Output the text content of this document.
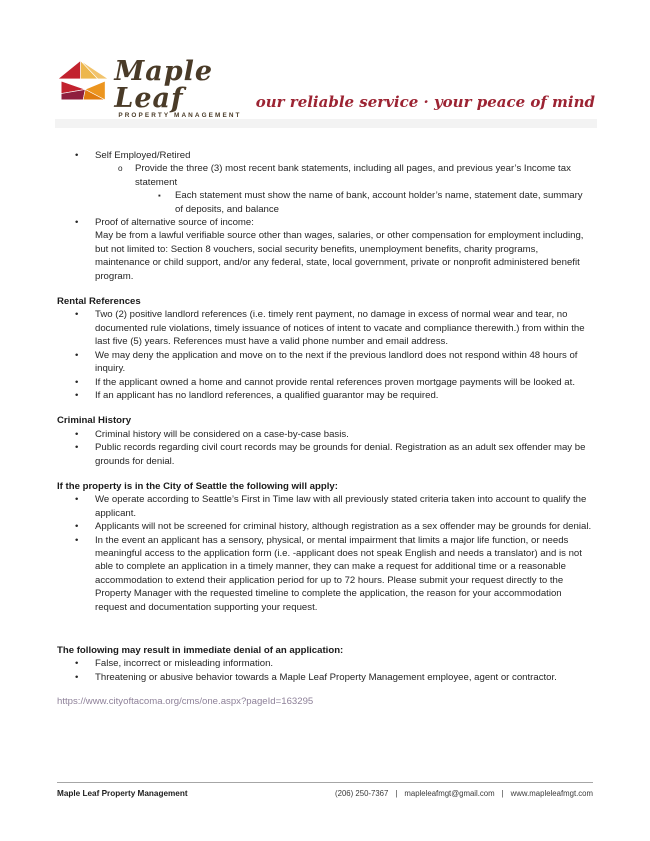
Maple Leaf
PROPERTY MANAGEMENT
our reliable service · your peace of mind
•	Self Employed/Retired
o	Provide the three (3) most recent bank statements, including all pages, and previous year’s Income tax statement
▪	Each statement must show the name of bank, account holder’s name, statement date, summary of deposits, and balance
•	Proof of alternative source of income:
May be from a lawful verifiable source other than wages, salaries, or other compensation for employment including, but not limited to: Section 8 vouchers, social security benefits, unemployment benefits, charity programs, maintenance or child support, and/or any federal, state, local government, private or nonprofit administered benefit program.
Rental References
•	Two (2) positive landlord references (i.e. timely rent payment, no damage in excess of normal wear and tear, no documented rule violations, timely issuance of notices of intent to vacate and compliance therewith.) from within the last five (5) years. References must have a valid phone number and email address.
•	We may deny the application and move on to the next if the previous landlord does not respond within 48 hours of inquiry.
•	If the applicant owned a home and cannot provide rental references proven mortgage payments will be looked at.
•	If an applicant has no landlord references, a qualified guarantor may be required.
Criminal History
•	Criminal history will be considered on a case-by-case basis.
•	Public records regarding civil court records may be grounds for denial. Registration as an adult sex offender may be grounds for denial.
If the property is in the City of Seattle the following will apply:
•	We operate according to Seattle’s First in Time law with all previously stated criteria taken into account to qualify the applicant.
•	Applicants will not be screened for criminal history, although registration as a sex offender may be grounds for denial.
•	In the event an applicant has a sensory, physical, or mental impairment that limits a major life function, or needs meaningful access to the application form (i.e. -applicant does not speak English and needs a translator) and is not able to complete an application in a timely manner, they can make a request for additional time or a reasonable accommodation to extend their application period for up to 72 hours. Please submit your request directly to the Property Manager with the requested timeline to complete the application, the reason for your accommodation request and documentation supporting your request.
The following may result in immediate denial of an application:
•	False, incorrect or misleading information.
•	Threatening or abusive behavior towards a Maple Leaf Property Management employee, agent or contractor.
https://www.cityoftacoma.org/cms/one.aspx?pageId=163295
Maple Leaf Property Management	(206) 250-7367 | mapleleafmgt@gmail.com | www.mapleleafmgt.com
